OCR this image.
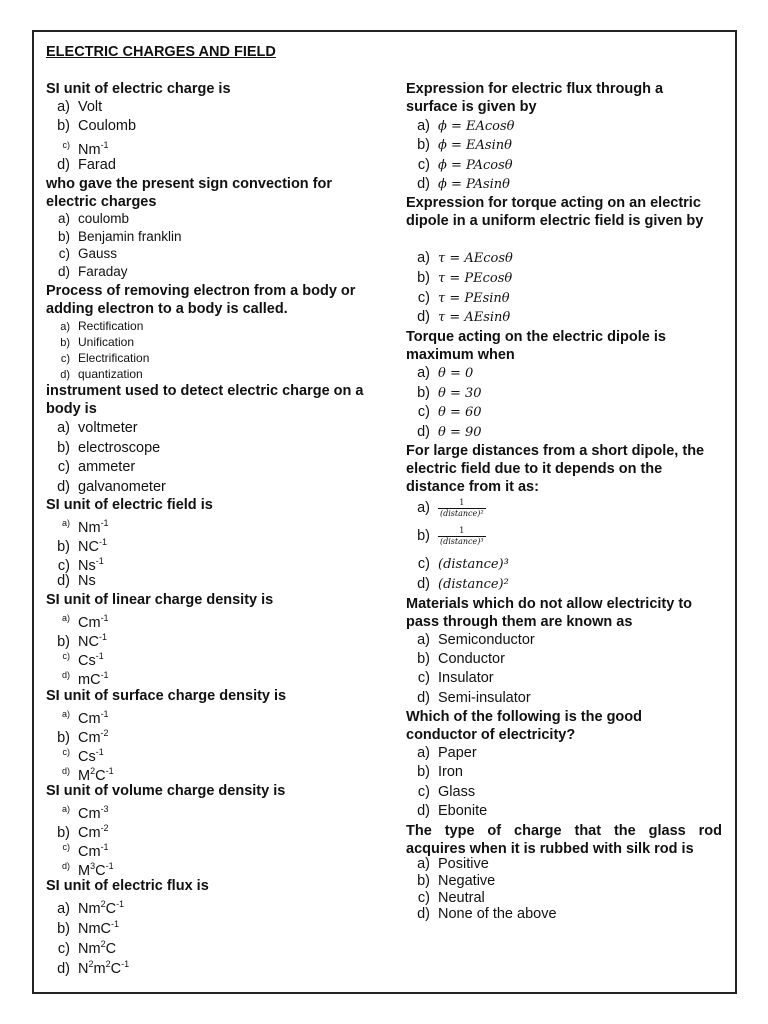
ELECTRIC CHARGES AND FIELD
SI unit of electric charge is
a) Volt
b) Coulomb
c) $Nm^{-1}$
d) Farad
who gave the present sign convection for electric charges
a) coulomb
b) Benjamin franklin
c) Gauss
d) Faraday
Process of removing electron from a body or adding electron to a body is called.
a) Rectification
b) Unification
c) Electrification
d) quantization
instrument used to detect electric charge on a body is
a) voltmeter
b) electroscope
c) ammeter
d) galvanometer
SI unit of electric field is
a) $Nm^{-1}$
b) $NC^{-1}$
c) $Ns^{-1}$
d) Ns
SI unit of linear charge density is
a) $Cm^{-1}$
b) $NC^{-1}$
c) $Cs^{-1}$
d) $mC^{-1}$
SI unit of surface charge density is
a) $Cm^{-1}$
b) $Cm^{-2}$
c) $Cs^{-1}$
d) $M^2C^{-1}$
SI unit of volume charge density is
a) $Cm^{-3}$
b) $Cm^{-2}$
c) $Cm^{-1}$
d) $M^3C^{-1}$
SI unit of electric flux is
a) $Nm^2C^{-1}$
b) NmC$^{-1}$
c) Nm$^2$C
d) $N^2m^2C^{-1}$
Expression for electric flux through a surface is given by
a) ϕ = EAcosθ
b) ϕ = EAsinθ
c) ϕ = PAcosθ
d) ϕ = PAsinθ
Expression for torque acting on an electric dipole in a uniform electric field is given by
a) τ = AEcosθ
b) τ = PEcosθ
c) τ = PEsinθ
d) τ = AEsinθ
Torque acting on the electric dipole is maximum when
a) θ = 0
b) θ = 30
c) θ = 60
d) θ = 90
For large distances from a short dipole, the electric field due to it depends on the distance from it as:
$a) \frac{1}{\text{(distance)²}}$
$b) \frac{1}{\text{(distance)³}}$
c) (distance)³
d) (distance)²
Materials which do not allow electricity to pass through them are known as
a) Semiconductor
b) Conductor
c) Insulator
d) Semi-insulator
Which of the following is the good conductor of electricity?
a) Paper
b) Iron
c) Glass
d) Ebonite
The type of charge that the glass rod acquires when it is rubbed with silk rod is
a) Positive
b) Negative
c) Neutral
d) None of the above
